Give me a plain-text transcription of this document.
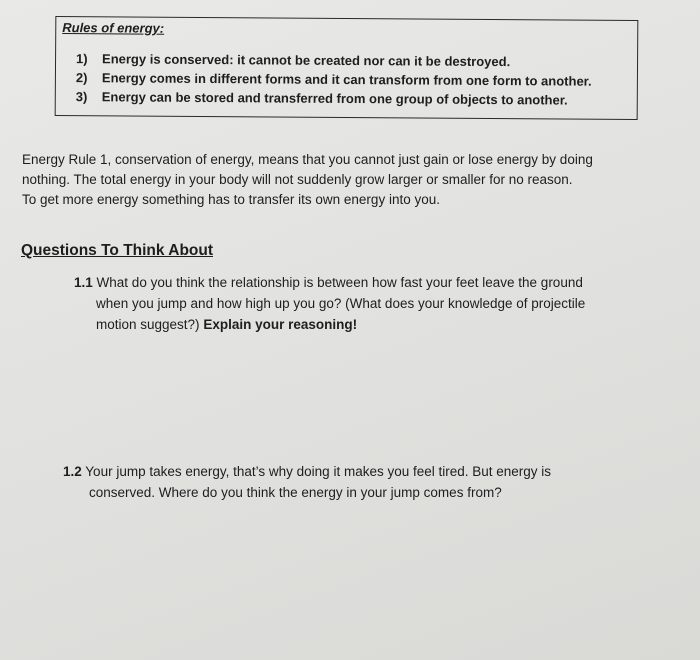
Rules of energy:
1) Energy is conserved: it cannot be created nor can it be destroyed.
2) Energy comes in different forms and it can transform from one form to another.
3) Energy can be stored and transferred from one group of objects to another.
Energy Rule 1, conservation of energy, means that you cannot just gain or lose energy by doing
nothing. The total energy in your body will not suddenly grow larger or smaller for no reason.
To get more energy something has to transfer its own energy into you.
Questions To Think About
1.1 What do you think the relationship is between how fast your feet leave the ground
when you jump and how high up you go? (What does your knowledge of projectile
motion suggest?) Explain your reasoning!
1.2 Your jump takes energy, that’s why doing it makes you feel tired. But energy is
conserved. Where do you think the energy in your jump comes from?
